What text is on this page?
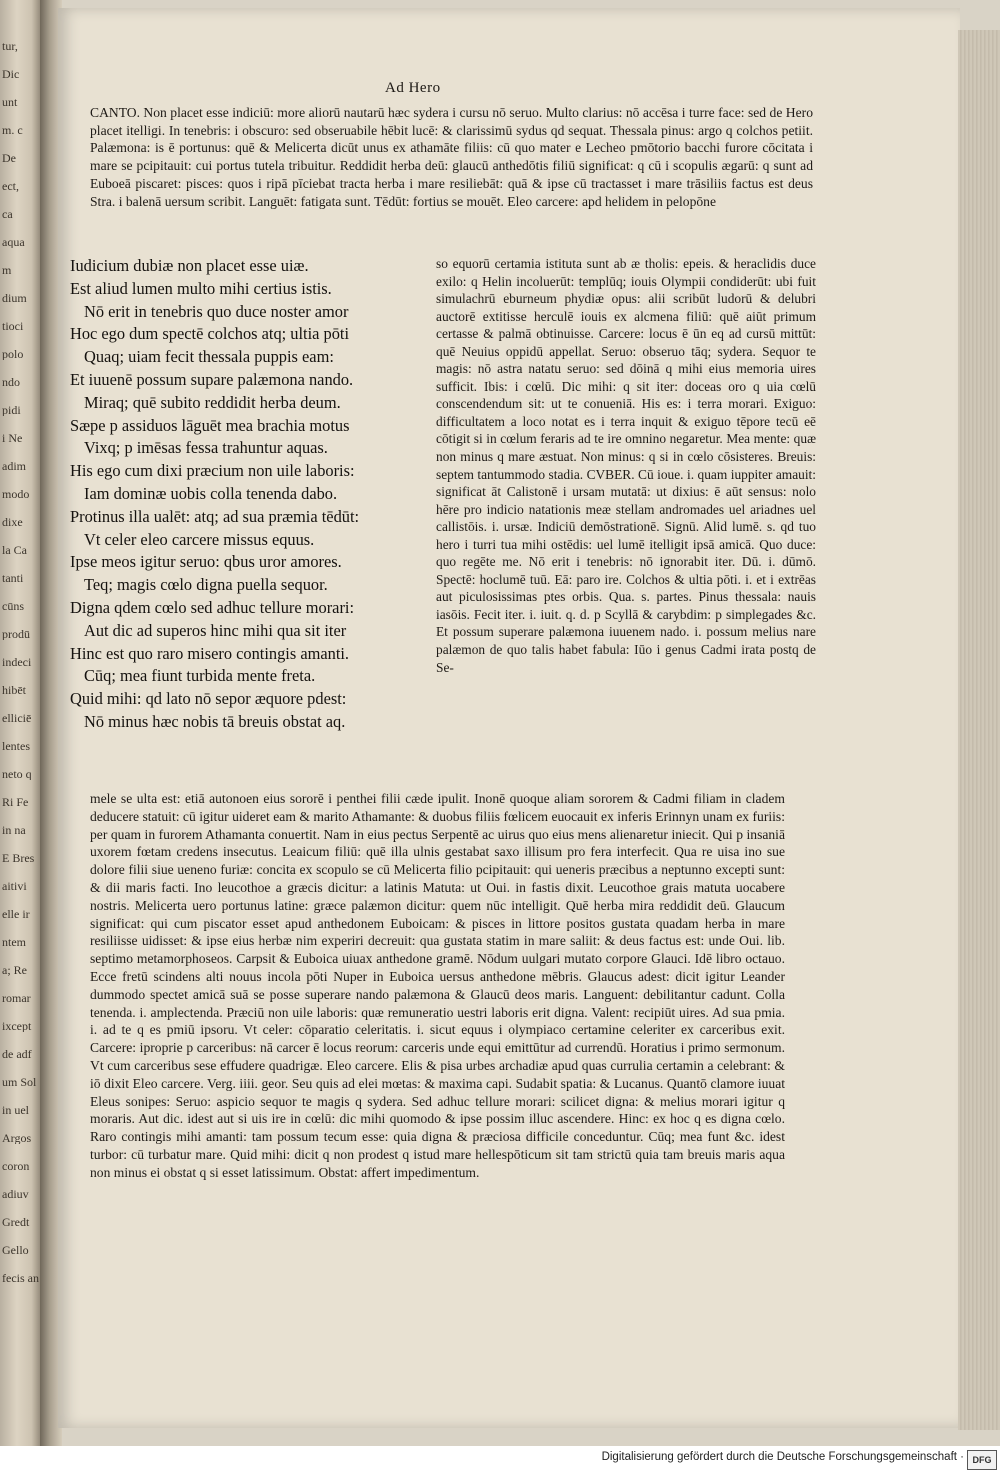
tur,
Dic
unt
m. c
De
ect,
ca
aqua
m
dium
tioci
polo
ndo
pidi
i Ne
adim
modo
dixe
la Ca
tanti
cūns
prodū
indeci
hibēt
elliciē
lentes
neto q
Ri Fe
in na
E Bres
aitivi
elle ir
ntem
a; Re
romar
ixcept
de adf
um Sol
in uel
Argos
coron
adiuv
Gredt
Gello
fecis an
Ad Hero
CANTO. Non placet esse indiciū: more aliorū nautarū hæc sydera i cursu nō seruo. Multo clarius: nō accēsa i turre face: sed de Hero placet itelligi. In tenebris: i obscuro: sed obseruabile hēbit lucē: & clarissimū sydus qd sequat. Thessala pinus: argo q colchos petiit. Palæmona: is ē portunus: quē & Melicerta dicūt unus ex athamāte filiis: cū quo mater e Lecheo pmōtorio bacchi furore cōcitata i mare se pcipitauit: cui portus tutela tribuitur. Reddidit herba deū: glaucū anthedōtis filiū significat: q cū i scopulis ægarū: q sunt ad Euboeā piscaret: pisces: quos i ripā pīciebat tracta herba i mare resiliebāt: quā & ipse cū tractasset i mare trāsiliis factus est deus Stra. i balenā uersum scribit. Languēt: fatigata sunt. Tēdūt: fortius se mouēt. Eleo carcere: apd helidem in pelopōne
Iudicium dubiæ non placet esse uiæ.
Est aliud lumen multo mihi certius istis.
Nō erit in tenebris quo duce noster amor
Hoc ego dum spectē colchos atq; ultia pōti
Quaq; uiam fecit thessala puppis eam:
Et iuuenē possum supare palæmona nando.
Miraq; quē subito reddidit herba deum.
Sæpe p assiduos lāguēt mea brachia motus
Vixq; p imēsas fessa trahuntur aquas.
His ego cum dixi præcium non uile laboris:
Iam dominæ uobis colla tenenda dabo.
Protinus illa ualēt: atq; ad sua præmia tēdūt:
Vt celer eleo carcere missus equus.
Ipse meos igitur seruo: qbus uror amores.
Teq; magis cœlo digna puella sequor.
Digna qdem cœlo sed adhuc tellure morari:
Aut dic ad superos hinc mihi qua sit iter
Hinc est quo raro misero contingis amanti.
Cūq; mea fiunt turbida mente freta.
Quid mihi: qd lato nō sepor æquore pdest:
Nō minus hæc nobis tā breuis obstat aq.
so equorū certamia istituta sunt ab æ tholis: epeis. & heraclidis duce exilo: q Helin incoluerūt: templūq; iouis Olympii condiderūt: ubi fuit simulachrū eburneum phydiæ opus: alii scribūt ludorū & delubri auctorē extitisse herculē iouis ex alcmena filiū: quē aiūt primum certasse & palmā obtinuisse. Carcere: locus ē ūn eq ad cursū mittūt: quē Neuius oppidū appellat. Seruo: obseruo tāq; sydera. Sequor te magis: nō astra natatu seruo: sed dōinā q mihi eius memoria uires sufficit. Ibis: i cœlū. Dic mihi: q sit iter: doceas oro q uia cœlū conscendendum sit: ut te conueniā. His es: i terra morari. Exiguo: difficultatem a loco notat es i terra inquit & exiguo tēpore tecū eē cōtigit si in cœlum feraris ad te ire omnino negaretur. Mea mente: quæ non minus q mare æstuat. Non minus: q si in cœlo cōsisteres. Breuis: septem tantummodo stadia. CVBER. Cū ioue. i. quam iuppiter amauit: significat āt Calistonē i ursam mutatā: ut dixius: ē aūt sensus: nolo hēre pro indicio natationis meæ stellam andromades uel ariadnes uel callistōis. i. ursæ. Indiciū demōstrationē. Signū. Alid lumē. s. qd tuo hero i turri tua mihi ostēdis: uel lumē itelligit ipsā amicā. Quo duce: quo regēte me. Nō erit i tenebris: nō ignorabit iter. Dū. i. dūmō. Spectē: hoclumē tuū. Eā: paro ire. Colchos & ultia pōti. i. et i extrēas aut piculosissimas ptes orbis. Qua. s. partes. Pinus thessala: nauis iasōis. Fecit iter. i. iuit. q. d. p Scyllā & carybdim: p simplegades &c. Et possum superare palæmona iuuenem nado. i. possum melius nare palæmon de quo talis habet fabula: Iūo i genus Cadmi irata postq de Se-
mele se ulta est: etiā autonoen eius sororē i penthei filii cæde ipulit. Inonē quoque aliam sororem & Cadmi filiam in cladem deducere statuit: cū igitur uideret eam & marito Athamante: & duobus filiis fœlicem euocauit ex inferis Erinnyn unam ex furiis: per quam in furorem Athamanta conuertit. Nam in eius pectus Serpentē ac uirus quo eius mens alienaretur iniecit. Qui p insaniā uxorem fœtam credens insecutus. Leaicum filiū: quē illa ulnis gestabat saxo illisum pro fera interfecit. Qua re uisa ino sue dolore filii siue ueneno furiæ: concita ex scopulo se cū Melicerta filio pcipitauit: qui ueneris præcibus a neptunno excepti sunt: & dii maris facti. Ino leucothoe a græcis dicitur: a latinis Matuta: ut Oui. in fastis dixit. Leucothoe grais matuta uocabere nostris. Melicerta uero portunus latine: græce palæmon dicitur: quem nūc intelligit. Quē herba mira reddidit deū. Glaucum significat: qui cum piscator esset apud anthedonem Euboicam: & pisces in littore positos gustata quadam herba in mare resiliisse uidisset: & ipse eius herbæ nim experiri decreuit: qua gustata statim in mare saliit: & deus factus est: unde Oui. lib. septimo metamorphoseos. Carpsit & Euboica uiuax anthedone gramē. Nōdum uulgari mutato corpore Glauci. Idē libro octauo. Ecce fretū scindens alti nouus incola pōti Nuper in Euboica uersus anthedone mēbris. Glaucus adest: dicit igitur Leander dummodo spectet amicā suā se posse superare nando palæmona & Glaucū deos maris. Languent: debilitantur cadunt. Colla tenenda. i. amplectenda. Præciū non uile laboris: quæ remuneratio uestri laboris erit digna. Valent: recipiūt uires. Ad sua pmia. i. ad te q es pmiū ipsoru. Vt celer: cōparatio celeritatis. i. sicut equus i olympiaco certamine celeriter ex carceribus exit. Carcere: iproprie p carceribus: nā carcer ē locus reorum: carceris unde equi emittūtur ad currendū. Horatius i primo sermonum. Vt cum carceribus sese effudere quadrigæ. Eleo carcere. Elis & pisa urbes archadiæ apud quas currulia certamin a celebrant: & iō dixit Eleo carcere. Verg. iiii. geor. Seu quis ad elei mœtas: & maxima capi. Sudabit spatia: & Lucanus. Quantō clamore iuuat Eleus sonipes: Seruo: aspicio sequor te magis q sydera. Sed adhuc tellure morari: scilicet digna: & melius morari igitur q moraris. Aut dic. idest aut si uis ire in cœlū: dic mihi quomodo & ipse possim illuc ascendere. Hinc: ex hoc q es digna cœlo. Raro contingis mihi amanti: tam possum tecum esse: quia digna & præciosa difficile conceduntur. Cūq; mea funt &c. idest turbor: cū turbatur mare. Quid mihi: dicit q non prodest q istud mare hellespōticum sit tam strictū quia tam breuis maris aqua non minus ei obstat q si esset latissimum. Obstat: affert impedimentum.
Digitalisierung gefördert durch die Deutsche Forschungsgemeinschaft · DFG
